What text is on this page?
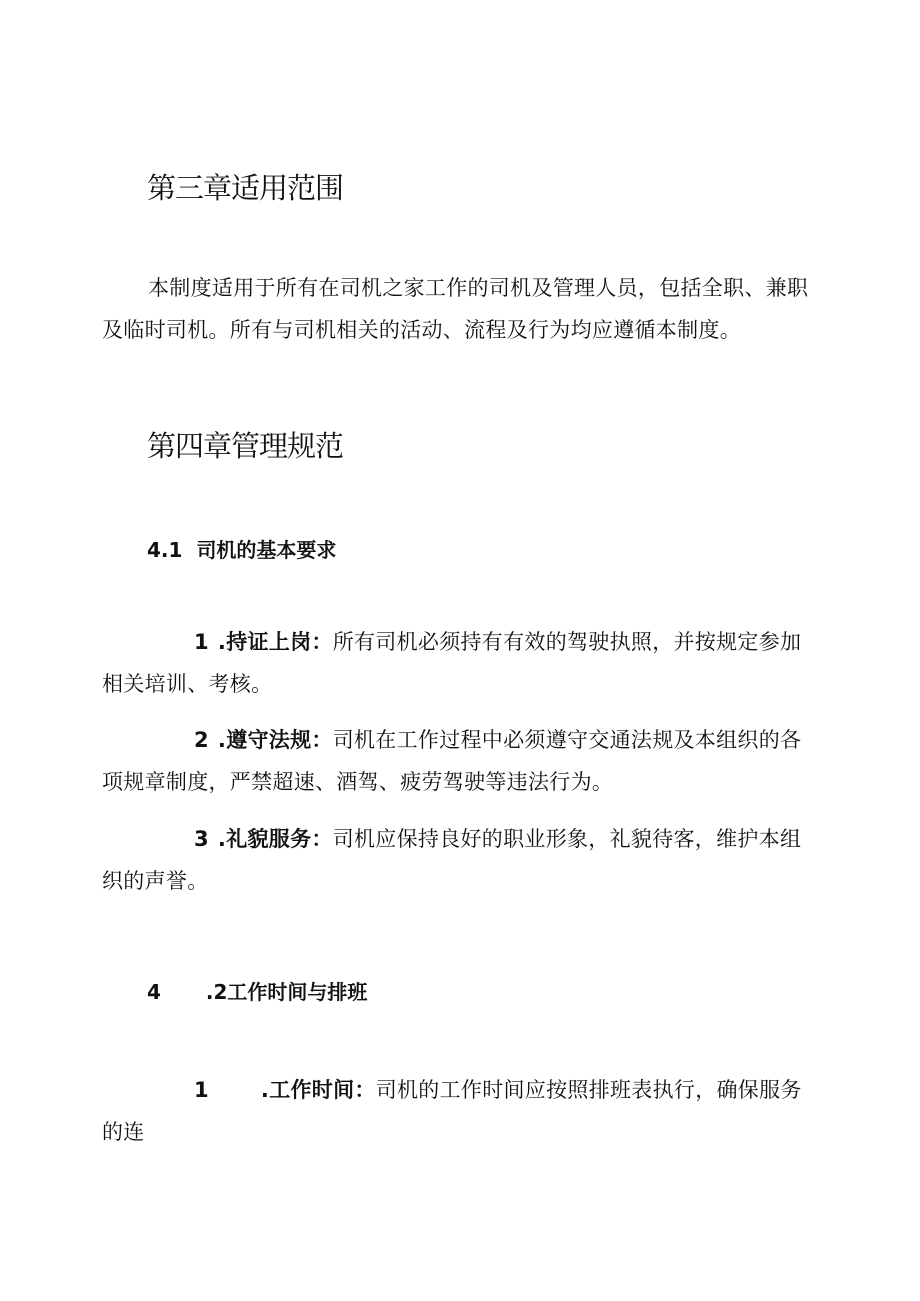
第三章适用范围

本制度适用于所有在司机之家工作的司机及管理人员，包括全职、兼职及临时司机。所有与司机相关的活动、流程及行为均应遵循本制度。

第四章管理规范
4.1 司机的基本要求

1 .持证上岗：所有司机必须持有有效的驾驶执照，并按规定参加相关培训、考核。

2 .遵守法规：司机在工作过程中必须遵守交通法规及本组织的各项规章制度，严禁超速、酒驾、疲劳驾驶等违法行为。

3 .礼貌服务：司机应保持良好的职业形象，礼貌待客，维护本组织的声誉。

4 .2工作时间与排班

1 .工作时间：司机的工作时间应按照排班表执行，确保服务的连
